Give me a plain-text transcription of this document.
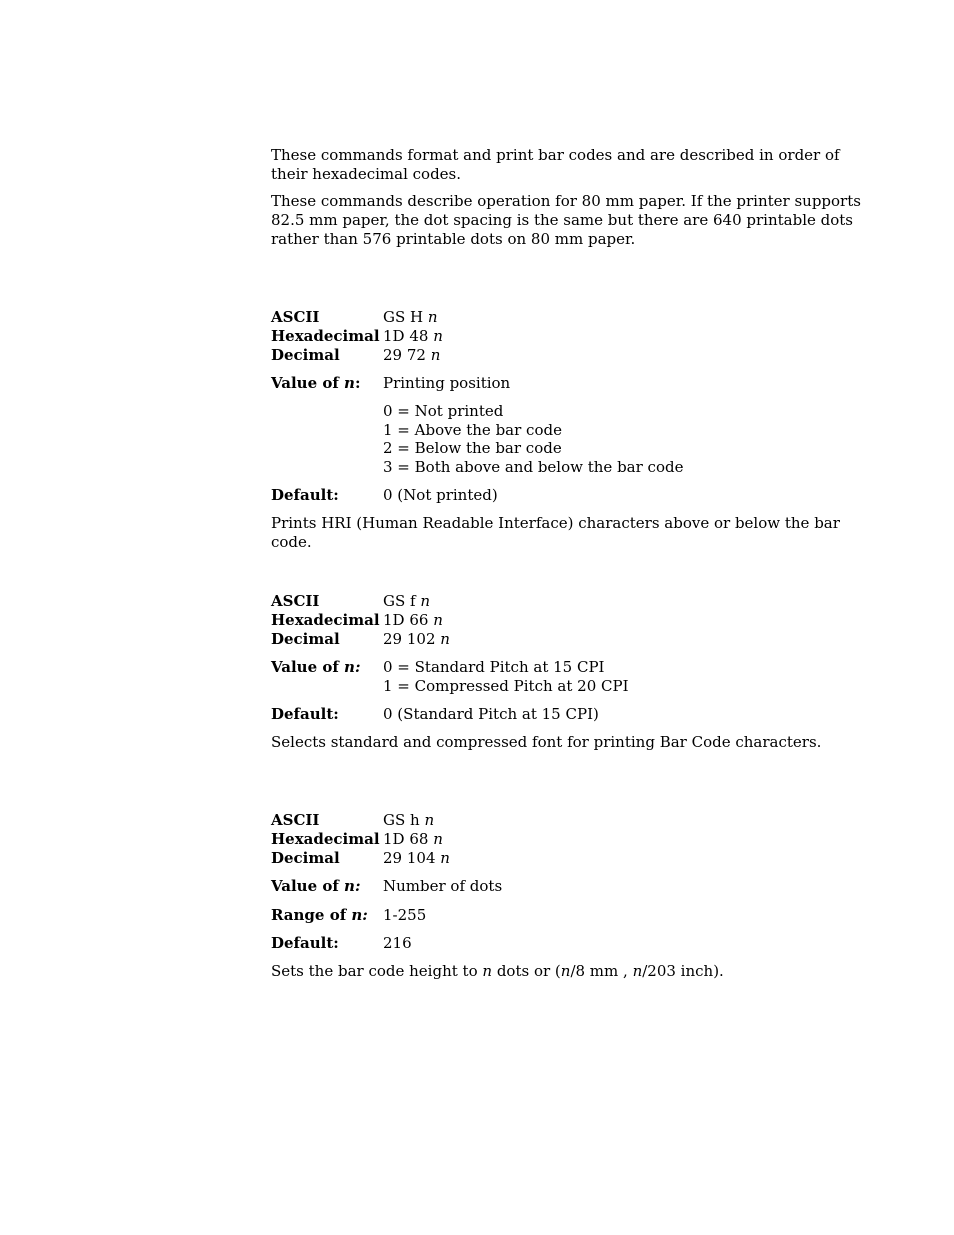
These commands format and print bar codes and are described in order of their hexadecimal codes.

These commands describe operation for 80 mm paper. If the printer supports 82.5 mm paper, the dot spacing is the same but there are 640 printable dots rather than 576 printable dots on 80 mm paper.

ASCII	GS H n
Hexadecimal 1D 48 n
Decimal	29 72 n
Value of n: Printing position
0 = Not printed
1 = Above the bar code
2 = Below the bar code
3 = Both above and below the bar code
Default:	0 (Not printed)

Prints HRI (Human Readable Interface) characters above or below the bar code.

ASCII	GS f n
Hexadecimal 1D 66 n
Decimal	29 102 n
Value of n: 0 = Standard Pitch at 15 CPI
1 = Compressed Pitch at 20 CPI
Default:	0 (Standard Pitch at 15 CPI)

Selects standard and compressed font for printing Bar Code characters.

ASCII	GS h n
Hexadecimal 1D 68 n
Decimal	29 104 n
Value of n: Number of dots
Range of n: 1-255
Default:	216

Sets the bar code height to n dots or (n/8 mm , n/203 inch).
